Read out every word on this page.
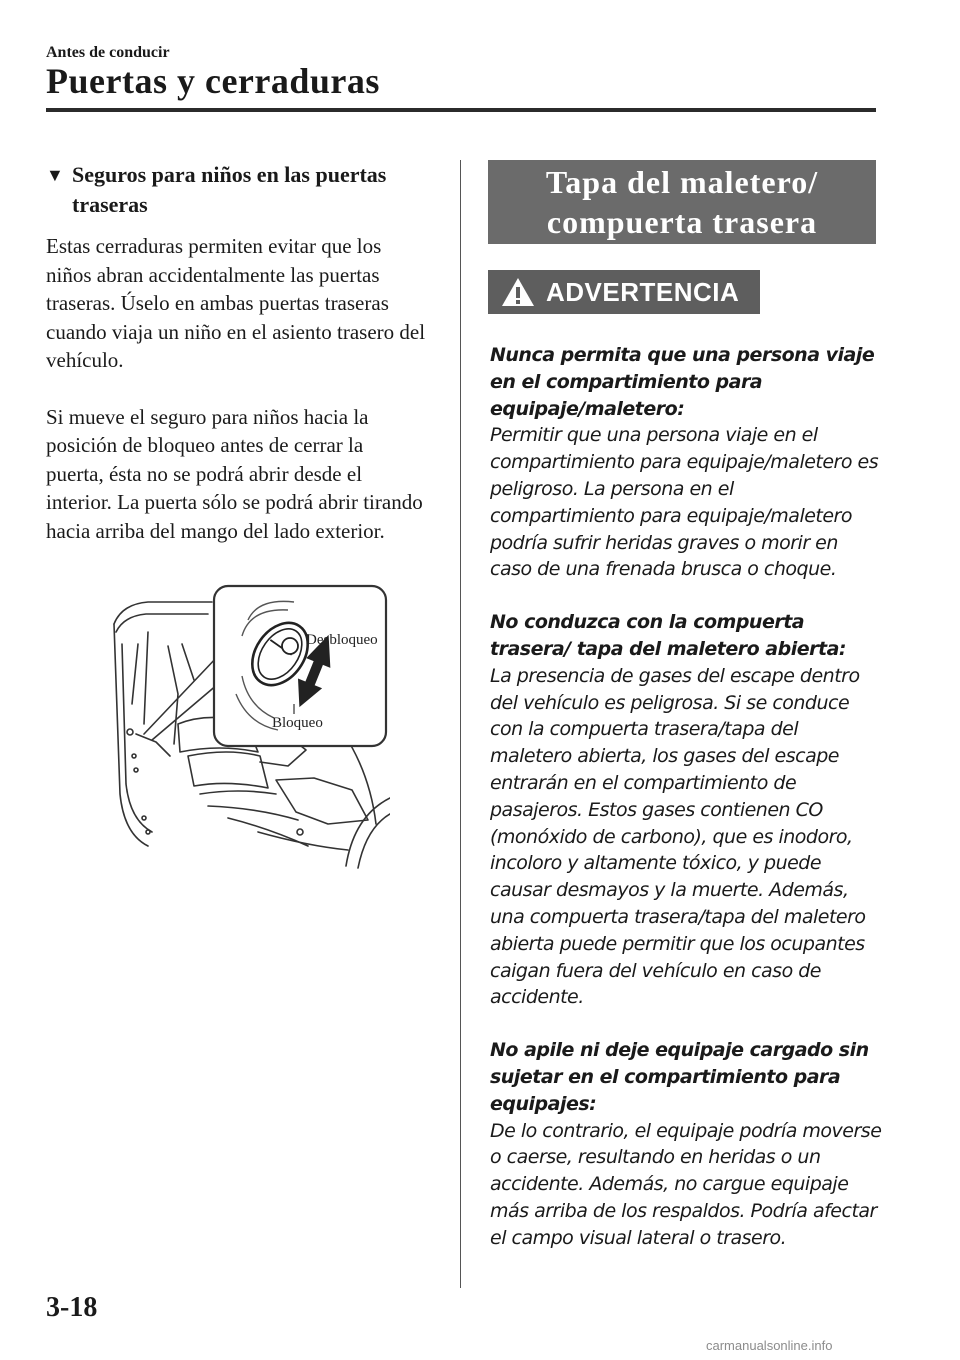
Antes de conducir
Puertas y cerraduras
▼ Seguros para niños en las puertas traseras
Estas cerraduras permiten evitar que los niños abran accidentalmente las puertas traseras. Úselo en ambas puertas traseras cuando viaja un niño en el asiento trasero del vehículo.
Si mueve el seguro para niños hacia la posición de bloqueo antes de cerrar la puerta, ésta no se podrá abrir desde el interior. La puerta sólo se podrá abrir tirando hacia arriba del mango del lado exterior.
Desbloqueo
Bloqueo
Tapa del maletero/
compuerta trasera
ADVERTENCIA
Nunca permita que una persona viaje en el compartimiento para equipaje/maletero:
Permitir que una persona viaje en el compartimiento para equipaje/maletero es peligroso. La persona en el compartimiento para equipaje/maletero podría sufrir heridas graves o morir en caso de una frenada brusca o choque.
No conduzca con la compuerta trasera/ tapa del maletero abierta:
La presencia de gases del escape dentro del vehículo es peligrosa. Si se conduce con la compuerta trasera/tapa del maletero abierta, los gases del escape entrarán en el compartimiento de pasajeros. Estos gases contienen CO (monóxido de carbono), que es inodoro, incoloro y altamente tóxico, y puede causar desmayos y la muerte. Además, una compuerta trasera/tapa del maletero abierta puede permitir que los ocupantes caigan fuera del vehículo en caso de accidente.
No apile ni deje equipaje cargado sin sujetar en el compartimiento para equipajes:
De lo contrario, el equipaje podría moverse o caerse, resultando en heridas o un accidente. Además, no cargue equipaje más arriba de los respaldos. Podría afectar el campo visual lateral o trasero.
3-18
carmanualsonline.info
